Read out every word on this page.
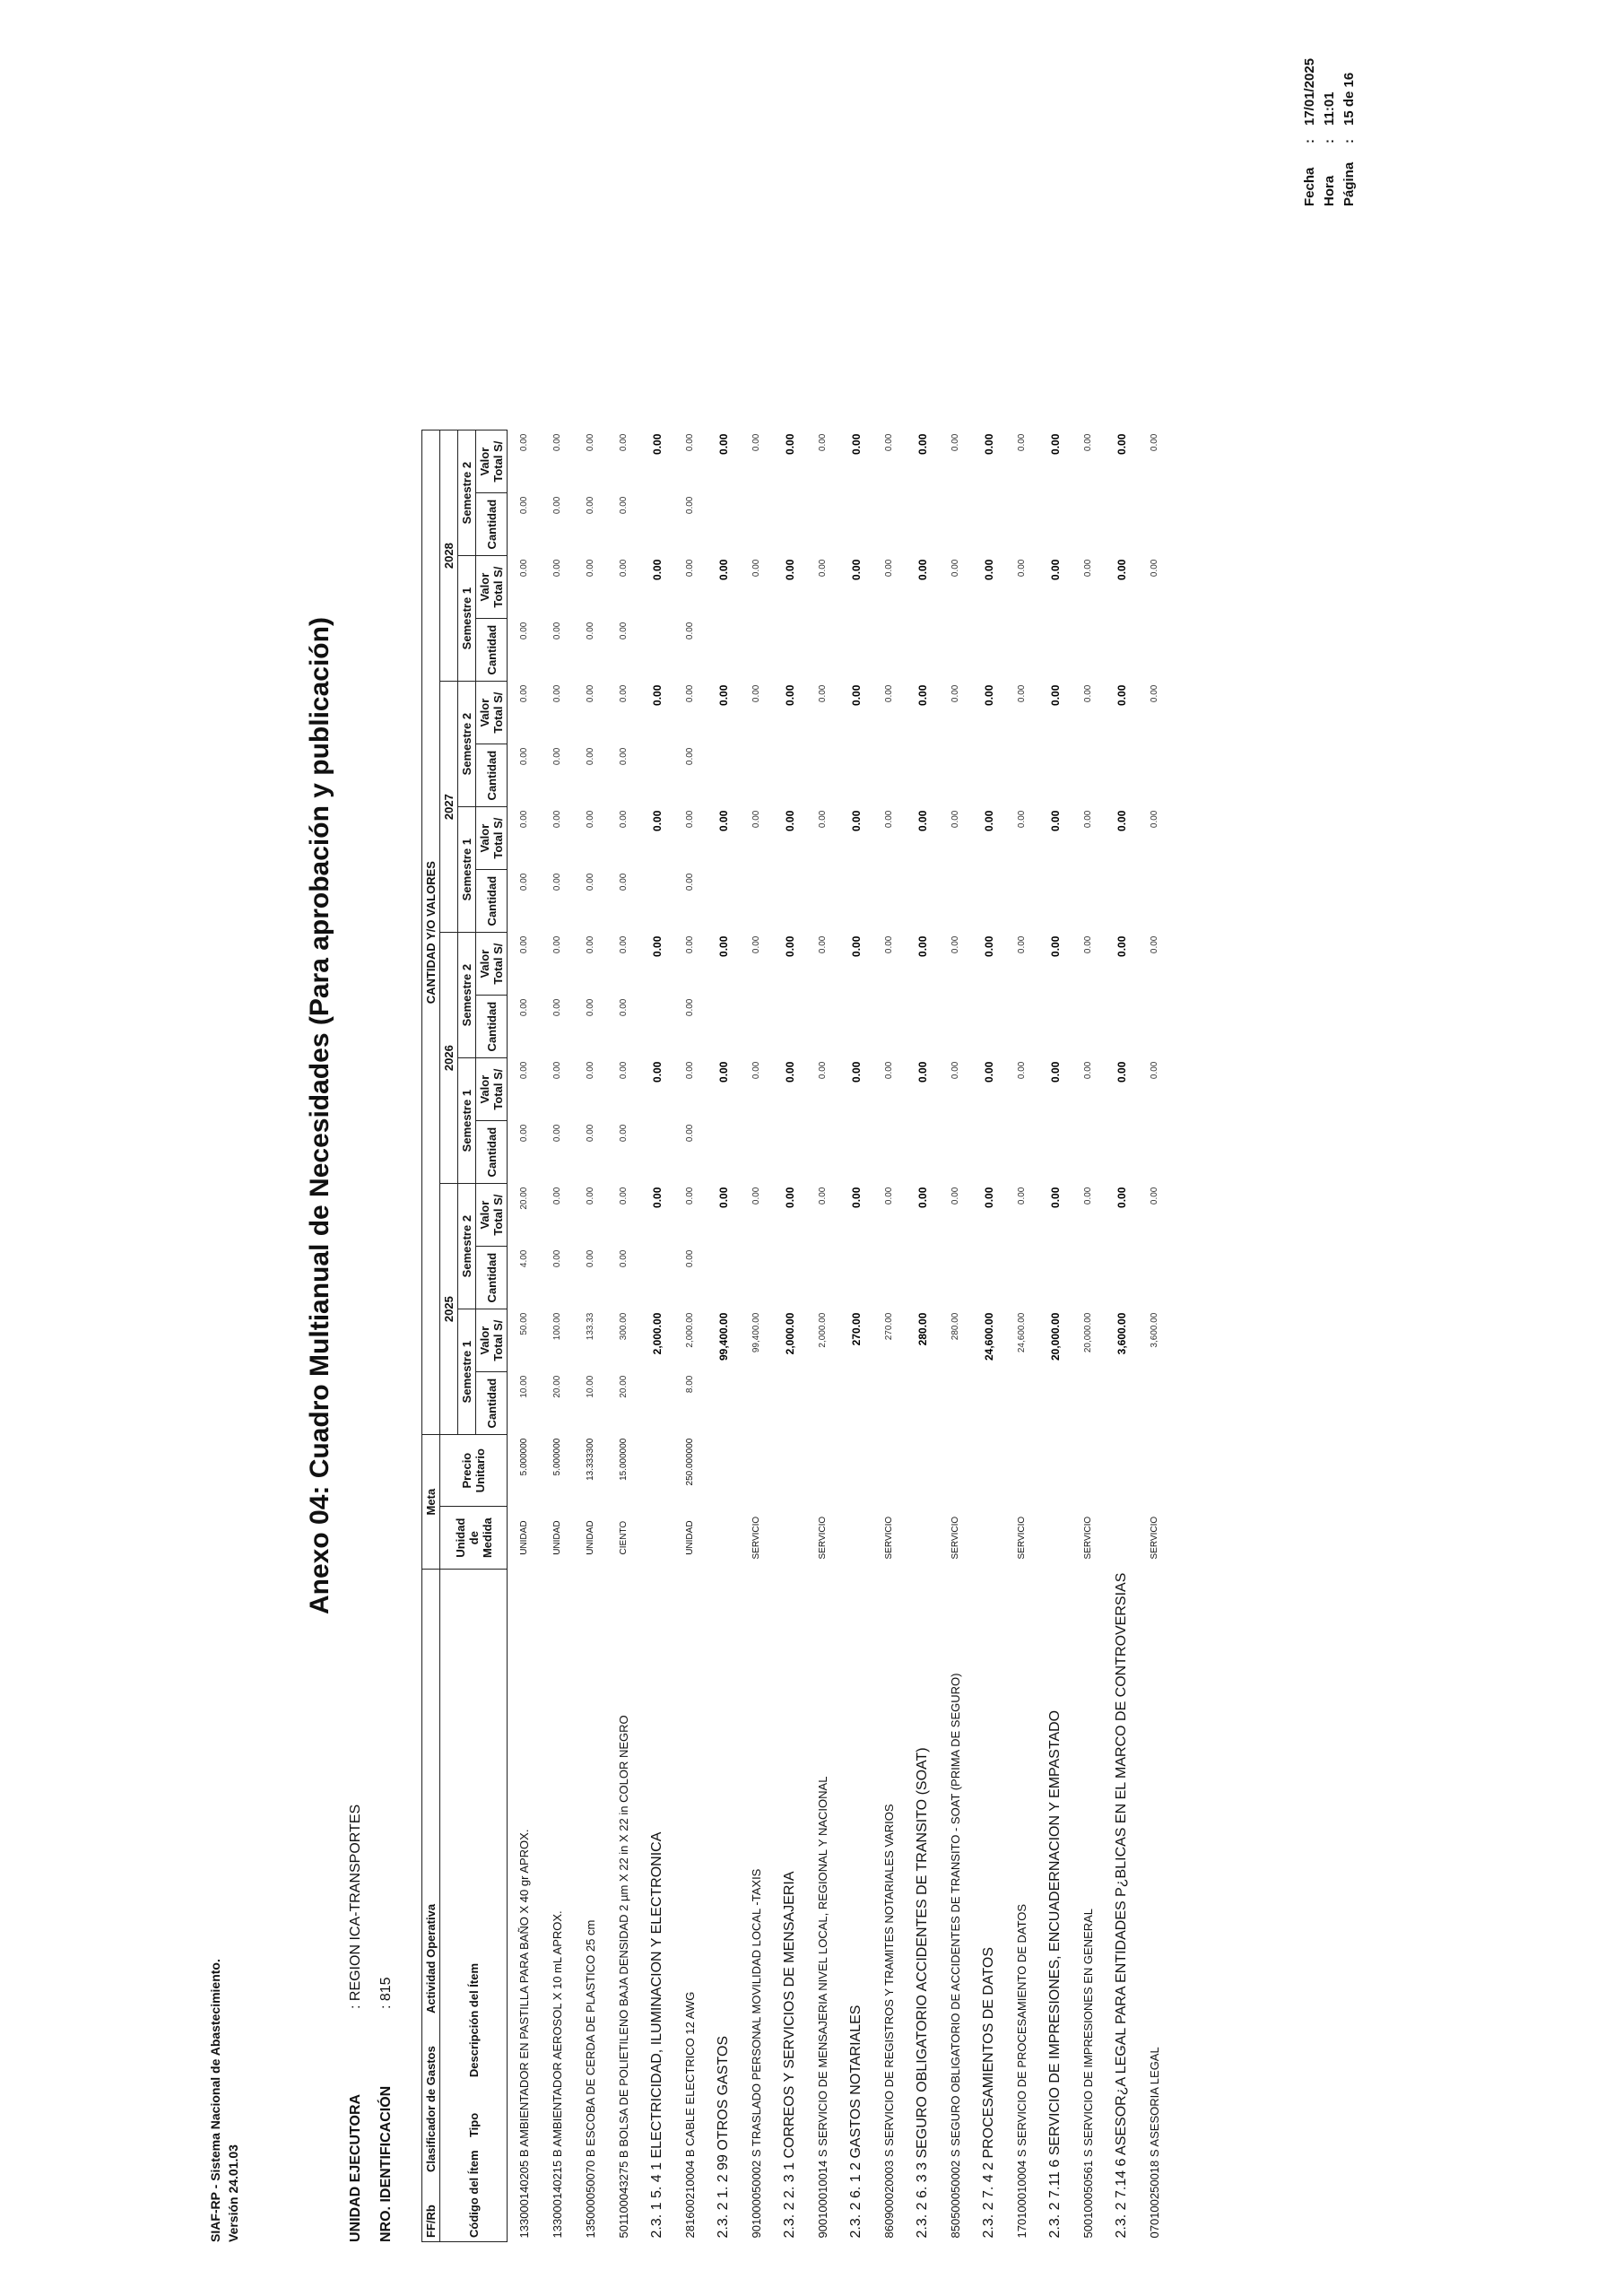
SIAF-RP - Sistema Nacional de Abastecimiento. Versión 24.01.03
Fecha:17/01/2025
Hora:11:01
Página:15 de 16
UNIDAD EJECUTORA: REGION ICA-TRANSPORTES
NRO. IDENTIFICACIÓN: 815
Anexo 04: Cuadro Multianual de Necesidades (Para aprobación y publicación)
FF/Rb          Clasificador de Gastos          Actividad Operativa	Meta		CANTIDAD Y/O VALORES															
Código del Ítem    Tipo           Descripción del Ítem	Unidad de Medida	Precio Unitario	2025				2026				2027				2028			
			Semestre 1		Semestre 2		Semestre 1		Semestre 2		Semestre 1		Semestre 2		Semestre 1		Semestre 2	
			Cantidad	Valor Total S/	Cantidad	Valor Total S/	Cantidad	Valor Total S/	Cantidad	Valor Total S/	Cantidad	Valor Total S/	Cantidad	Valor Total S/	Cantidad	Valor Total S/	Cantidad	Valor Total S/
13300014020​5 B AMBIENTADOR EN PASTILLA PARA BAÑO X 40 gr APROX.	UNIDAD	5.000000	10.00	50.00	4.00	20.00	0.00	0.00	0.00	0.00	0.00	0.00	0.00	0.00	0.00	0.00	0.00	0.00
133000140215 B AMBIENTADOR AEROSOL X 10 mL APROX.	UNIDAD	5.000000	20.00	100.00	0.00	0.00	0.00	0.00	0.00	0.00	0.00	0.00	0.00	0.00	0.00	0.00	0.00	0.00
135000050070 B ESCOBA DE CERDA DE PLASTICO 25 cm	UNIDAD	13.333300	10.00	133.33	0.00	0.00	0.00	0.00	0.00	0.00	0.00	0.00	0.00	0.00	0.00	0.00	0.00	0.00
501100043275 B BOLSA DE POLIETILENO BAJA DENSIDAD 2 µm X 22 in X 22 in COLOR NEGRO	CIENTO	15.000000	20.00	300.00	0.00	0.00	0.00	0.00	0.00	0.00	0.00	0.00	0.00	0.00	0.00	0.00	0.00	0.00
2.3. 1 5. 4 1 ELECTRICIDAD, ILUMINACION Y ELECTRONICA				2,000.00		0.00		0.00		0.00		0.00		0.00		0.00		0.00
281600210004 B CABLE ELECTRICO 12 AWG	UNIDAD	250.000000	8.00	2,000.00	0.00	0.00	0.00	0.00	0.00	0.00	0.00	0.00	0.00	0.00	0.00	0.00	0.00	0.00
2.3. 2 1. 2 99 OTROS GASTOS				99,400.00		0.00		0.00		0.00		0.00		0.00		0.00		0.00
901000050002 S TRASLADO PERSONAL MOVILIDAD LOCAL -TAXIS	SERVICIO			99,400.00		0.00		0.00		0.00		0.00		0.00		0.00		0.00
2.3. 2 2. 3 1 CORREOS Y SERVICIOS DE MENSAJERIA				2,000.00		0.00		0.00		0.00		0.00		0.00		0.00		0.00
900100010014 S SERVICIO DE MENSAJERIA NIVEL LOCAL, REGIONAL Y NACIONAL	SERVICIO			2,000.00		0.00		0.00		0.00		0.00		0.00		0.00		0.00
2.3. 2 6. 1 2 GASTOS NOTARIALES				270.00		0.00		0.00		0.00		0.00		0.00		0.00		0.00
860900020003 S SERVICIO DE REGISTROS Y TRAMITES NOTARIALES VARIOS	SERVICIO			270.00		0.00		0.00		0.00		0.00		0.00		0.00		0.00
2.3. 2 6. 3 3 SEGURO OBLIGATORIO ACCIDENTES DE TRANSITO (SOAT)				280.00		0.00		0.00		0.00		0.00		0.00		0.00		0.00
850500050002 S SEGURO OBLIGATORIO DE ACCIDENTES DE TRANSITO - SOAT (PRIMA DE SEGURO)	SERVICIO			280.00		0.00		0.00		0.00		0.00		0.00		0.00		0.00
2.3. 2 7. 4 2 PROCESAMIENTOS DE DATOS				24,600.00		0.00		0.00		0.00		0.00		0.00		0.00		0.00
170100010004 S SERVICIO DE PROCESAMIENTO DE DATOS	SERVICIO			24,600.00		0.00		0.00		0.00		0.00		0.00		0.00		0.00
2.3. 2 7.11 6 SERVICIO DE IMPRESIONES, ENCUADERNACION Y EMPASTADO				20,000.00		0.00		0.00		0.00		0.00		0.00		0.00		0.00
500100050561 S SERVICIO DE IMPRESIONES EN GENERAL	SERVICIO			20,000.00		0.00		0.00		0.00		0.00		0.00		0.00		0.00
2.3. 2 7.14 6 ASESOR¿A LEGAL PARA ENTIDADES P¿BLICAS EN EL MARCO DE CONTROVERSIAS				3,600.00		0.00		0.00		0.00		0.00		0.00		0.00		0.00
070100250018 S ASESORIA LEGAL	SERVICIO			3,600.00		0.00		0.00		0.00		0.00		0.00		0.00		0.00
